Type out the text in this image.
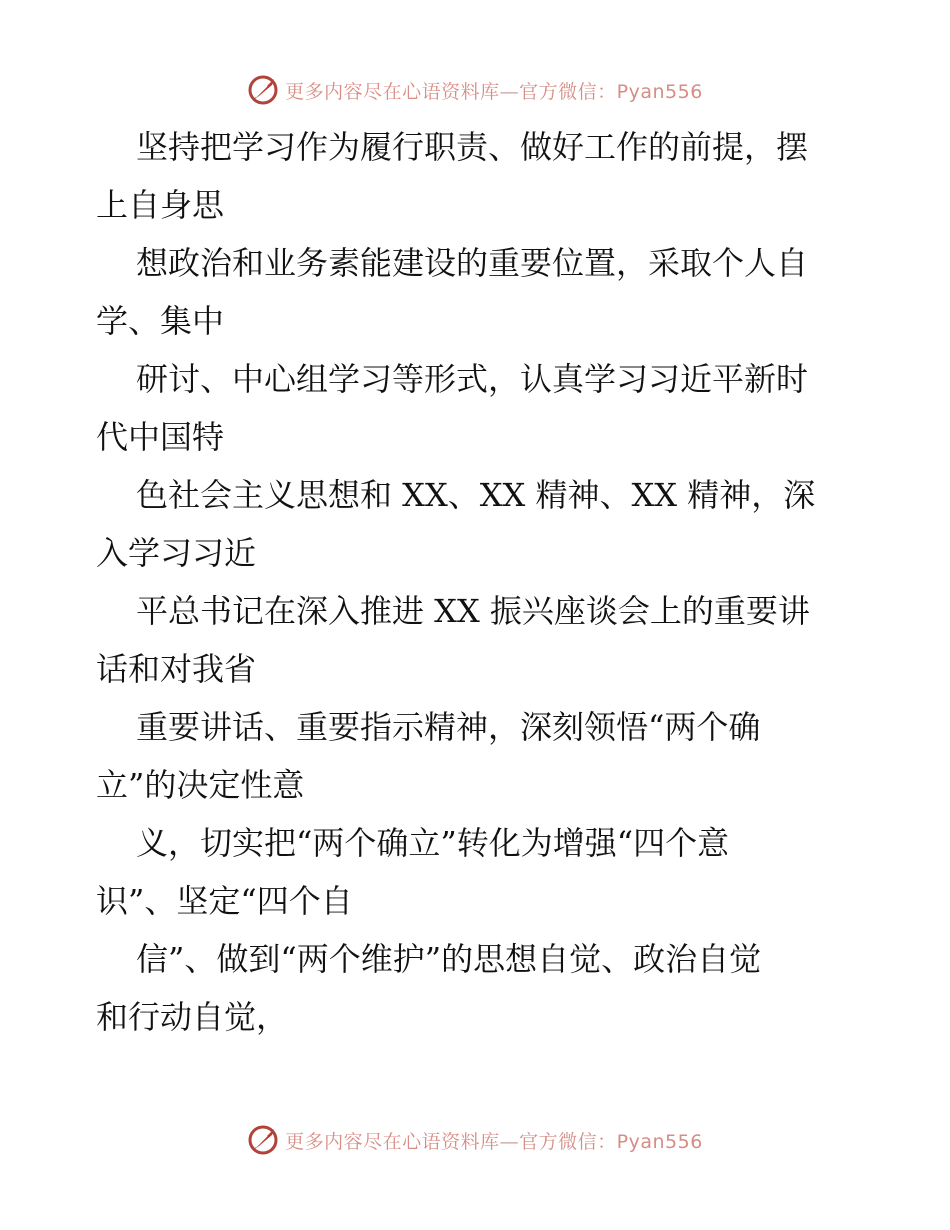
更多内容尽在心语资料库—官方微信：Pyan556

坚持把学习作为履行职责、做好工作的前提，摆
上自身思

想政治和业务素能建设的重要位置，采取个人自
学、集中

研讨、中心组学习等形式，认真学习习近平新时
代中国特

色社会主义思想和 XX、XX 精神、XX 精神，深
入学习习近

平总书记在深入推进 XX 振兴座谈会上的重要讲
话和对我省

重要讲话、重要指示精神，深刻领悟“两个确
立”的决定性意

义，切实把“两个确立”转化为增强“四个意
识”、坚定“四个自

信”、做到“两个维护”的思想自觉、政治自觉
和行动自觉，

更多内容尽在心语资料库—官方微信：Pyan556
